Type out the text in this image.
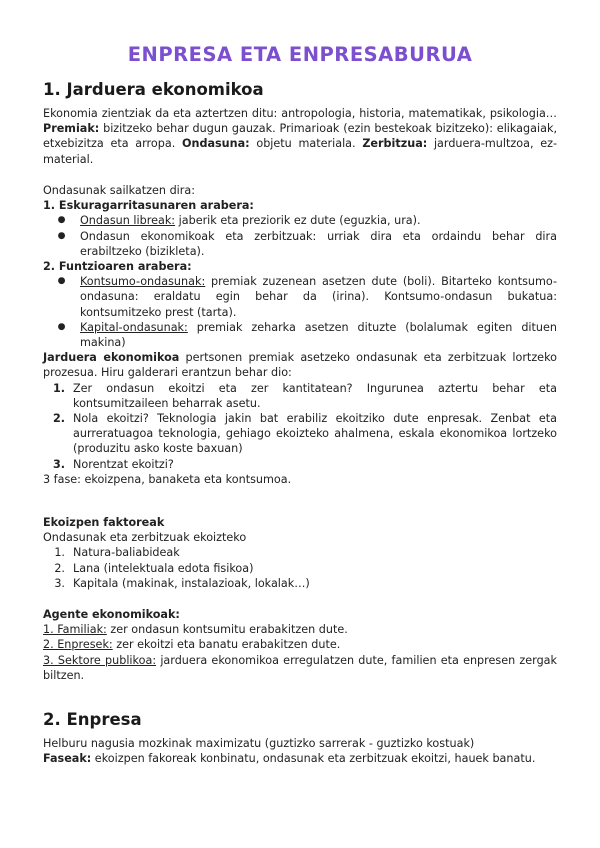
ENPRESA ETA ENPRESABURUA
1. Jarduera ekonomikoa
Ekonomia zientziak da eta aztertzen ditu: antropologia, historia, matematikak, psikologia… Premiak: bizitzeko behar dugun gauzak. Primarioak (ezin bestekoak bizitzeko): elikagaiak, etxebizitza eta arropa. Ondasuna: objetu materiala. Zerbitzua: jarduera-multzoa, ez-material.
Ondasunak sailkatzen dira:
1. Eskuragarritasunaren arabera:
●	Ondasun libreak: jaberik eta preziorik ez dute (eguzkia, ura).
●	Ondasun ekonomikoak eta zerbitzuak: urriak dira eta ordaindu behar dira erabiltzeko (bizikleta).
2. Funtzioaren arabera:
●	Kontsumo-ondasunak: premiak zuzenean asetzen dute (boli). Bitarteko kontsumo-ondasuna: eraldatu egin behar da (irina). Kontsumo-ondasun bukatua: kontsumitzeko prest (tarta).
●	Kapital-ondasunak: premiak zeharka asetzen dituzte (bolalumak egiten dituen makina)
Jarduera ekonomikoa pertsonen premiak asetzeko ondasunak eta zerbitzuak lortzeko prozesua. Hiru galderari erantzun behar dio:
1. Zer ondasun ekoitzi eta zer kantitatean? Ingurunea aztertu behar eta kontsumitzaileen beharrak asetu.
2. Nola ekoitzi? Teknologia jakin bat erabiliz ekoitziko dute enpresak. Zenbat eta aurreratuagoa teknologia, gehiago ekoizteko ahalmena, eskala ekonomikoa lortzeko (produzitu asko koste baxuan)
3. Norentzat ekoitzi?
3 fase: ekoizpena, banaketa eta kontsumoa.
Ekoizpen faktoreak
Ondasunak eta zerbitzuak ekoizteko
1. Natura-baliabideak
2. Lana (intelektuala edota fisikoa)
3. Kapitala (makinak, instalazioak, lokalak…)
Agente ekonomikoak:
1. Familiak: zer ondasun kontsumitu erabakitzen dute.
2. Enpresek: zer ekoitzi eta banatu erabakitzen dute.
3. Sektore publikoa: jarduera ekonomikoa erregulatzen dute, familien eta enpresen zergak biltzen.
2. Enpresa
Helburu nagusia mozkinak maximizatu (guztizko sarrerak - guztizko kostuak)
Faseak: ekoizpen fakoreak konbinatu, ondasunak eta zerbitzuak ekoitzi, hauek banatu.
